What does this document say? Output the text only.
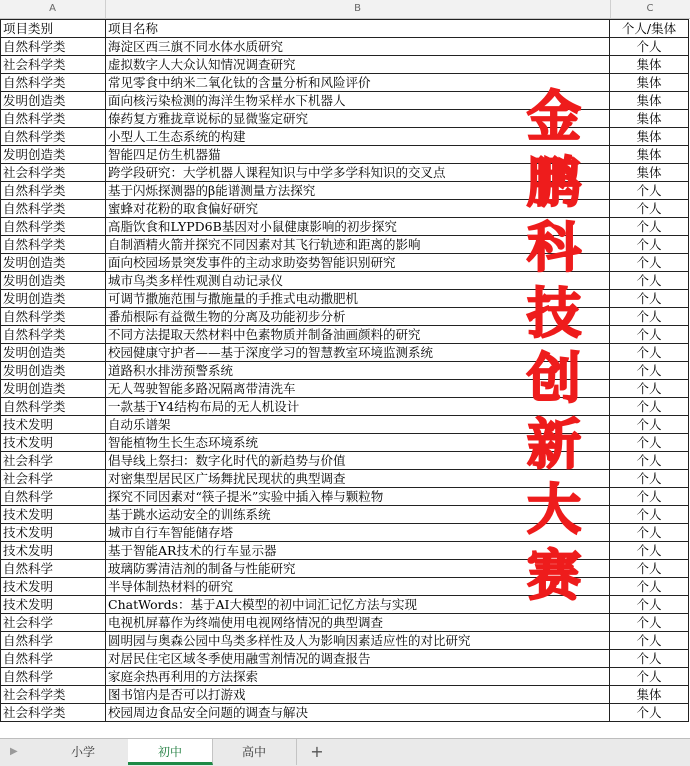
A	B	C
项目类别	项目名称	个人/集体
自然科学类	海淀区西三旗不同水体水质研究	个人
社会科学类	虚拟数字人大众认知情况调查研究	集体
自然科学类	常见零食中纳米二氧化钛的含量分析和风险评价	集体
发明创造类	面向核污染检测的海洋生物采样水下机器人	集体
自然科学类	傣药复方雅拢章说标的显微鉴定研究	集体
自然科学类	小型人工生态系统的构建	集体
发明创造类	智能四足仿生机器猫	集体
社会科学类	跨学段研究：大学机器人课程知识与中学多学科知识的交叉点	集体
自然科学类	基于闪烁探测器的β能谱测量方法探究	个人
自然科学类	蜜蜂对花粉的取食偏好研究	个人
自然科学类	高脂饮食和LYPD6B基因对小鼠健康影响的初步探究	个人
自然科学类	自制酒精火箭并探究不同因素对其飞行轨迹和距离的影响	个人
发明创造类	面向校园场景突发事件的主动求助姿势智能识别研究	个人
发明创造类	城市鸟类多样性观测自动记录仪	个人
发明创造类	可调节撒施范围与撒施量的手推式电动撒肥机	个人
自然科学类	番茄根际有益微生物的分离及功能初步分析	个人
自然科学类	不同方法提取天然材料中色素物质并制备油画颜料的研究	个人
发明创造类	校园健康守护者——基于深度学习的智慧教室环境监测系统	个人
发明创造类	道路积水排涝预警系统	个人
发明创造类	无人驾驶智能多路况隔离带清洗车	个人
自然科学类	一款基于Y4结构布局的无人机设计	个人
技术发明	自动乐谱架	个人
技术发明	智能植物生长生态环境系统	个人
社会科学	倡导线上祭扫：数字化时代的新趋势与价值	个人
社会科学	对密集型居民区广场舞扰民现状的典型调查	个人
自然科学	探究不同因素对“筷子提米”实验中插入棒与颗粒物	个人
技术发明	基于跳水运动安全的训练系统	个人
技术发明	城市自行车智能储存塔	个人
技术发明	基于智能AR技术的行车显示器	个人
自然科学	玻璃防雾清洁剂的制备与性能研究	个人
技术发明	半导体制热材料的研究	个人
技术发明	ChatWords：基于AI大模型的初中词汇记忆方法与实现	个人
社会科学	电视机屏幕作为终端使用电视网络情况的典型调查	个人
自然科学	圆明园与奥森公园中鸟类多样性及人为影响因素适应性的对比研究	个人
自然科学	对居民住宅区域冬季使用融雪剂情况的调查报告	个人
自然科学	家庭余热再利用的方法探索	个人
社会科学类	图书馆内是否可以打游戏	集体
社会科学类	校园周边食品安全问题的调查与解决	个人
金
鹏
科
技
创
新
大
赛
▶	小学	初中	高中	+
